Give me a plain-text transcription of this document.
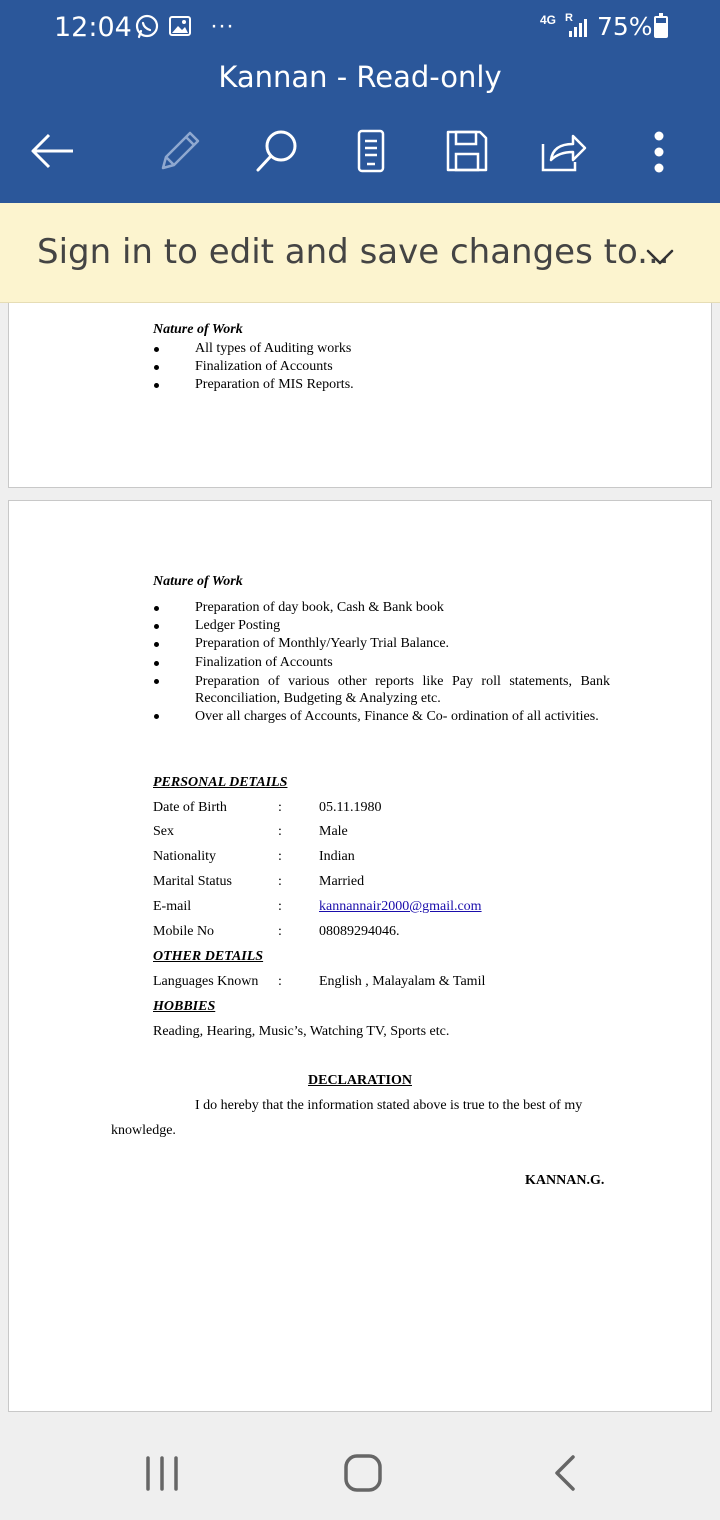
12:04	···	4G R 75%
Kannan - Read-only
Nature of Work
All types of Auditing works
Finalization of Accounts
Preparation of MIS Reports.
Nature of Work
Preparation of day book, Cash & Bank book
Ledger Posting
Preparation of Monthly/Yearly Trial Balance.
Finalization of Accounts
Preparation of various other reports like Pay roll statements, Bank Reconciliation, Budgeting & Analyzing etc.
Over all charges of Accounts, Finance & Co- ordination of all activities.
PERSONAL DETAILS
Date of Birth	:	05.11.1980
Sex	:	Male
Nationality	:	Indian
Marital Status	:	Married
E-mail	:	kannannair2000@gmail.com
Mobile No	:	08089294046.
OTHER DETAILS
Languages Known :	English , Malayalam & Tamil
HOBBIES
Reading, Hearing, Music’s, Watching TV, Sports etc.
DECLARATION
I do hereby that the information stated above is true to the best of my
knowledge.
KANNAN.G.
Sign in to edit and save changes to...
